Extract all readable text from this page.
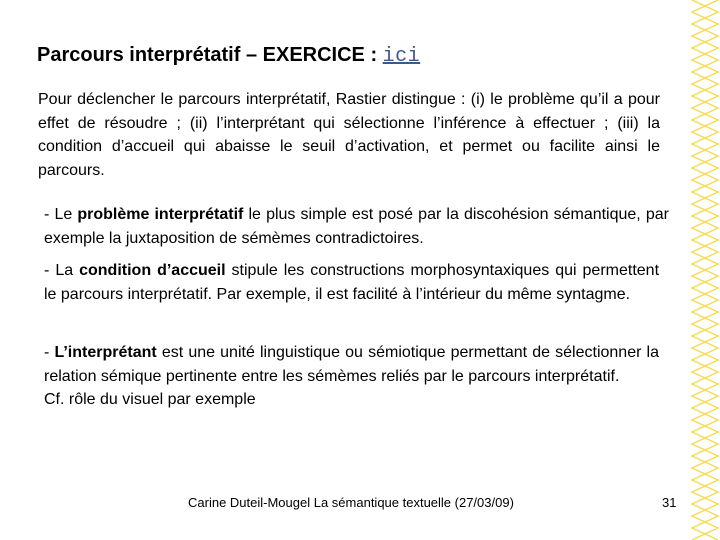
Parcours interprétatif – EXERCICE : ici
Pour déclencher le parcours interprétatif, Rastier distingue : (i) le problème qu’il a pour effet de résoudre ; (ii) l’interprétant qui sélectionne l’inférence à effectuer ; (iii) la condition d’accueil qui abaisse le seuil d’activation, et permet ou facilite ainsi le parcours.
- Le problème interprétatif le plus simple est posé par la discohésion sémantique, par exemple la juxtaposition de sémèmes contradictoires.
- La condition d’accueil stipule les constructions morphosyntaxiques qui permettent le parcours interprétatif. Par exemple, il est facilité à l’intérieur du même syntagme.
- L’interprétant est une unité linguistique ou sémiotique permettant de sélectionner la relation sémique pertinente entre les sémèmes reliés par le parcours interprétatif.
Cf. rôle du visuel par exemple
Carine Duteil-Mougel La sémantique textuelle (27/03/09)	31
